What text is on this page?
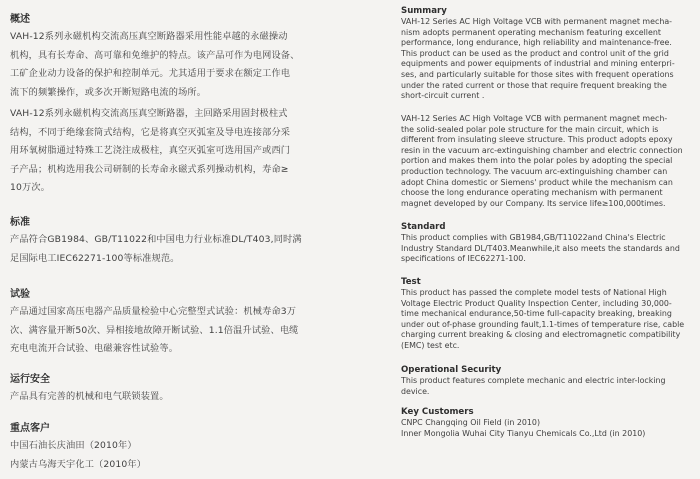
概述
VAH-12系列永磁机构交流高压真空断路器采用性能卓越的永磁操动
机构，具有长寿命、高可靠和免维护的特点。该产品可作为电网设备、
工矿企业动力设备的保护和控制单元。尤其适用于要求在额定工作电
流下的频繁操作，或多次开断短路电流的场所。
VAH-12系列永磁机构交流高压真空断路器，主回路采用固封极柱式
结构，不同于绝缘套筒式结构，它是将真空灭弧室及导电连接部分采
用环氧树脂通过特殊工艺浇注成极柱，真空灭弧室可选用国产或西门
子产品；机构选用我公司研制的长寿命永磁式系列操动机构，寿命≥
10万次。
标准
产品符合GB1984、GB/T11022和中国电力行业标准DL/T403,同时满
足国际电工IEC62271-100等标准规范。
试验
产品通过国家高压电器产品质量检验中心完整型式试验：机械寿命3万
次、满容量开断50次、异相接地故障开断试验、1.1倍温升试验、电缆
充电电流开合试验、电磁兼容性试验等。
运行安全
产品具有完善的机械和电气联锁装置。
重点客户
中国石油长庆油田（2010年）
内蒙古乌海天宇化工（2010年）
Summary
VAH-12 Series AC High Voltage VCB with permanent magnet mecha-
nism adopts permanent operating mechanism featuring excellent
performance, long endurance, high reliability and maintenance-free.
This product can be used as the product and control unit of the grid
equipments and power equipments of industrial and mining enterpri-
ses, and particularly suitable for those sites with frequent operations
under the rated current or those that require frequent breaking the
short-circuit current .
VAH-12 Series AC High Voltage VCB with permanent magnet mech-
the solid-sealed polar pole structure for the main circuit, which is
different from insulating sleeve structure. This product adopts epoxy
resin in the vacuum arc-extinguishing chamber and electric connection
portion and makes them into the polar poles by adopting the special
production technology. The vacuum arc-extinguishing chamber can
adopt China domestic or Siemens' product while the mechanism can
choose the long endurance operating mechanism with permanent
magnet developed by our Company. Its service life≥100,000times.
Standard
This product complies with GB1984,GB/T11022and China's Electric
Industry Standard DL/T403.Meanwhile,it also meets the standards and
specifications of IEC62271-100.
Test
This product has passed the complete model tests of National High
Voltage Electric Product Quality Inspection Center, including 30,000-
time mechanical endurance,50-time full-capacity breaking, breaking
under out of-phase grounding fault,1.1-times of temperature rise, cable
charging current breaking & closing and electromagnetic compatibility
(EMC) test etc.
Operational Security
This product features complete mechanic and electric inter-locking
device.
Key Customers
CNPC Changqing Oil Field (in 2010)
Inner Mongolia Wuhai City Tianyu Chemicals Co.,Ltd (in 2010)
